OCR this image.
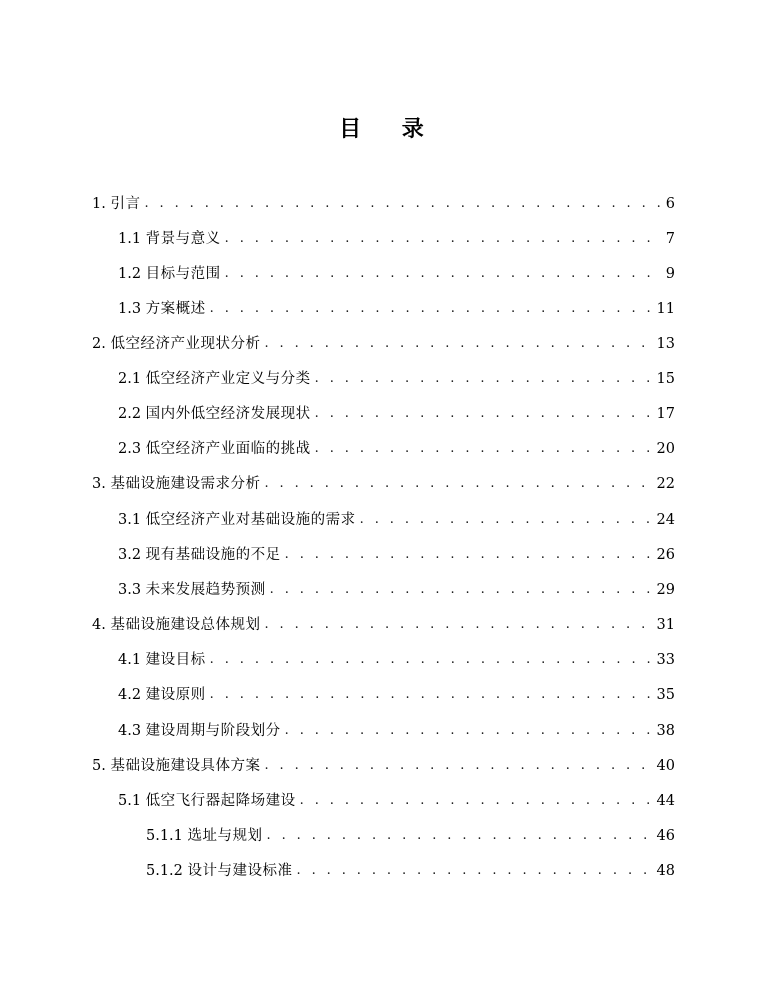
目    录
1. 引言 . . .	6
1.1 背景与意义 . . .	7
1.2 目标与范围 . . .	9
1.3 方案概述 . . .	11
2. 低空经济产业现状分析 . . .	13
2.1 低空经济产业定义与分类 . . .	15
2.2 国内外低空经济发展现状 . . .	17
2.3 低空经济产业面临的挑战 . . .	20
3. 基础设施建设需求分析 . . .	22
3.1 低空经济产业对基础设施的需求 . . .	24
3.2 现有基础设施的不足 . . .	26
3.3 未来发展趋势预测 . . .	29
4. 基础设施建设总体规划 . . .	31
4.1 建设目标 . . .	33
4.2 建设原则 . . .	35
4.3 建设周期与阶段划分 . . .	38
5. 基础设施建设具体方案 . . .	40
5.1 低空飞行器起降场建设 . . .	44
5.1.1 选址与规划 . . .	46
5.1.2 设计与建设标准 . . .	48
